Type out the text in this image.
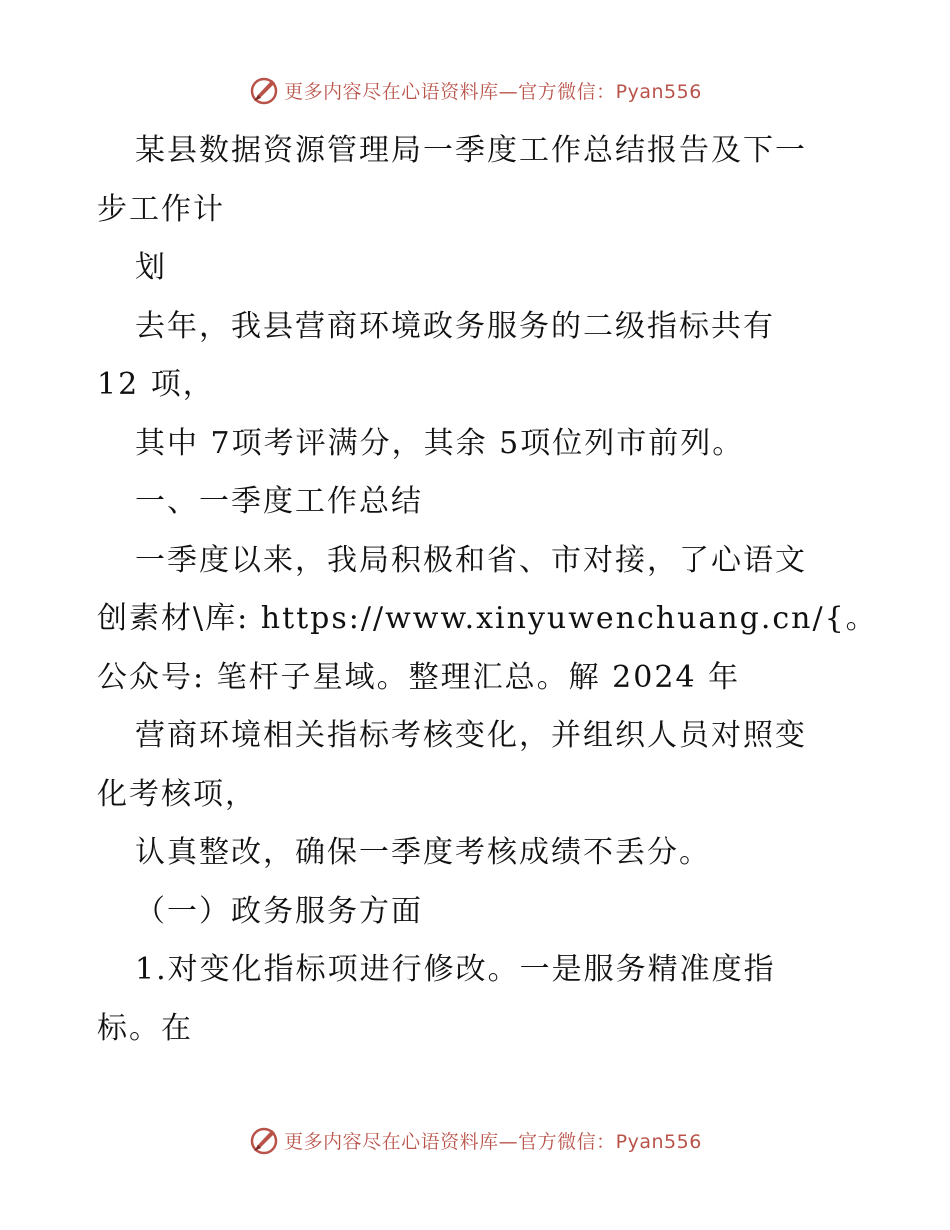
更多内容尽在心语资料库—官方微信：Pyan556
某县数据资源管理局一季度工作总结报告及下一
步工作计
划
去年，我县营商环境政务服务的二级指标共有
12 项，
其中 7项考评满分，其余 5项位列市前列。
一、一季度工作总结
一季度以来，我局积极和省、市对接，了心语文
创素材\库: https://www.xinyuwenchuang.cn/{。
公众号: 笔杆子星域。整理汇总。解 2024 年
营商环境相关指标考核变化，并组织人员对照变
化考核项，
认真整改，确保一季度考核成绩不丢分。
（一）政务服务方面
1.对变化指标项进行修改。一是服务精准度指
标。在
更多内容尽在心语资料库—官方微信：Pyan556
